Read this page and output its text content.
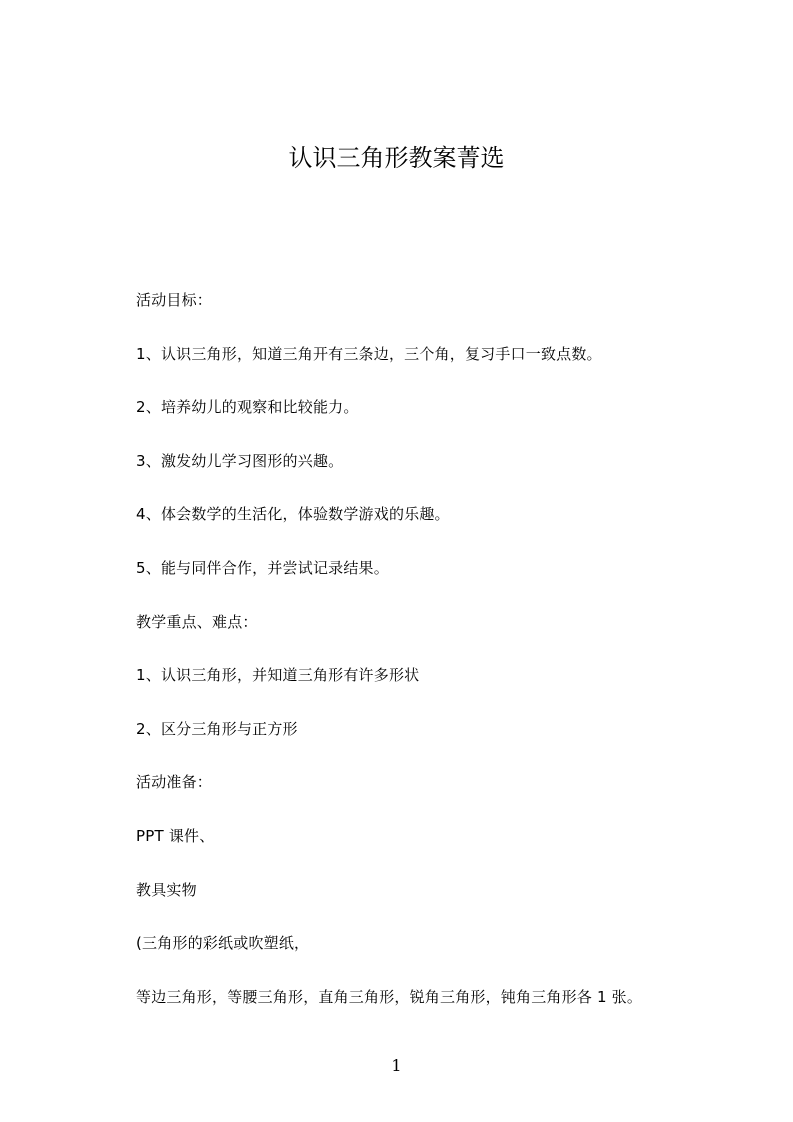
认识三角形教案菁选
活动目标：
1、认识三角形，知道三角开有三条边，三个角，复习手口一致点数。
2、培养幼儿的观察和比较能力。
3、激发幼儿学习图形的兴趣。
4、体会数学的生活化，体验数学游戏的乐趣。
5、能与同伴合作，并尝试记录结果。
教学重点、难点：
1、认识三角形，并知道三角形有许多形状
2、区分三角形与正方形
活动准备：
PPT 课件、
教具实物
(三角形的彩纸或吹塑纸，
等边三角形，等腰三角形，直角三角形，锐角三角形，钝角三角形各 1 张。
1
